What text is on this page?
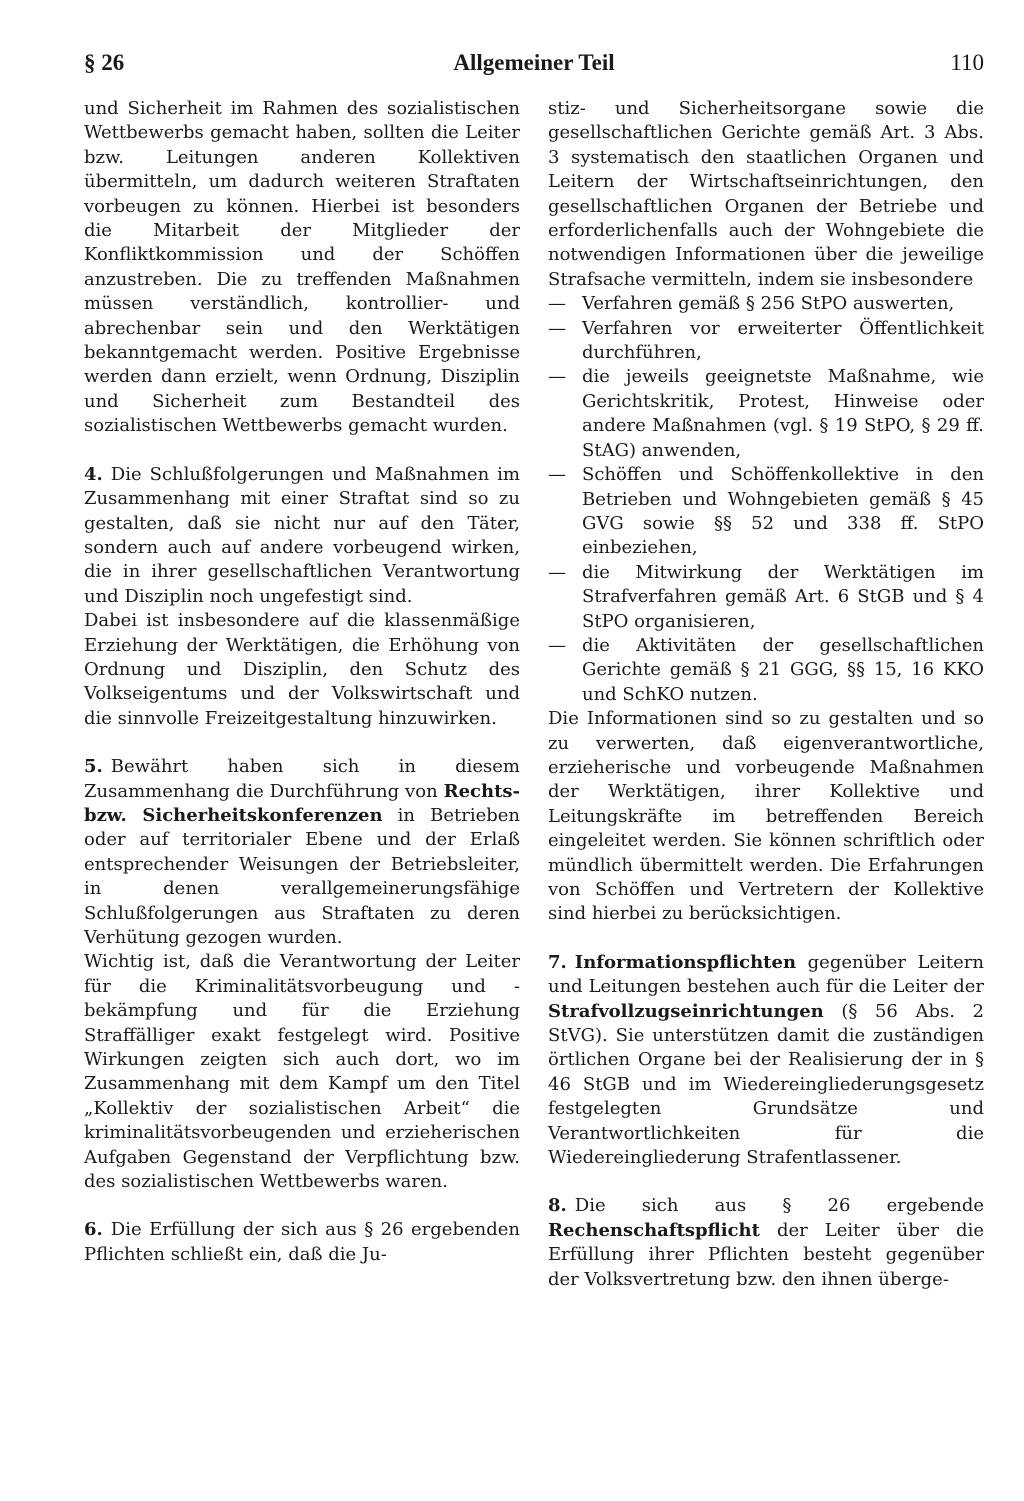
§ 26	Allgemeiner Teil	110

und Sicherheit im Rahmen des sozialistischen Wettbewerbs gemacht haben, sollten die Leiter bzw. Leitungen anderen Kollektiven übermitteln, um dadurch weiteren Straftaten vorbeugen zu können. Hierbei ist besonders die Mitarbeit der Mitglieder der Konfliktkommission und der Schöffen anzustreben. Die zu treffenden Maßnahmen müssen verständlich, kontrollier- und abrechenbar sein und den Werktätigen bekanntgemacht werden. Positive Ergebnisse werden dann erzielt, wenn Ordnung, Disziplin und Sicherheit zum Bestandteil des sozialistischen Wettbewerbs gemacht wurden.

4. Die Schlußfolgerungen und Maßnahmen im Zusammenhang mit einer Straftat sind so zu gestalten, daß sie nicht nur auf den Täter, sondern auch auf andere vorbeugend wirken, die in ihrer gesellschaftlichen Verantwortung und Disziplin noch ungefestigt sind.

Dabei ist insbesondere auf die klassenmäßige Erziehung der Werktätigen, die Erhöhung von Ordnung und Disziplin, den Schutz des Volkseigentums und der Volkswirtschaft und die sinnvolle Freizeitgestaltung hinzuwirken.

5. Bewährt haben sich in diesem Zusammenhang die Durchführung von Rechts- bzw. Sicherheitskonferenzen in Betrieben oder auf territorialer Ebene und der Erlaß entsprechender Weisungen der Betriebsleiter, in denen verallgemeinerungsfähige Schlußfolgerungen aus Straftaten zu deren Verhütung gezogen wurden.

Wichtig ist, daß die Verantwortung der Leiter für die Kriminalitätsvorbeugung und -bekämpfung und für die Erziehung Straffälliger exakt festgelegt wird. Positive Wirkungen zeigten sich auch dort, wo im Zusammenhang mit dem Kampf um den Titel „Kollektiv der sozialistischen Arbeit“ die kriminalitätsvorbeugenden und erzieherischen Aufgaben Gegenstand der Verpflichtung bzw. des sozialistischen Wettbewerbs waren.

6. Die Erfüllung der sich aus § 26 ergebenden Pflichten schließt ein, daß die Ju-

stiz- und Sicherheitsorgane sowie die gesellschaftlichen Gerichte gemäß Art. 3 Abs. 3 systematisch den staatlichen Organen und Leitern der Wirtschaftseinrichtungen, den gesellschaftlichen Organen der Betriebe und erforderlichenfalls auch der Wohngebiete die notwendigen Informationen über die jeweilige Strafsache vermitteln, indem sie insbesondere

— Verfahren gemäß § 256 StPO auswerten,
— Verfahren vor erweiterter Öffentlichkeit durchführen,
— die jeweils geeignetste Maßnahme, wie Gerichtskritik, Protest, Hinweise oder andere Maßnahmen (vgl. § 19 StPO, § 29 ff. StAG) anwenden,
— Schöffen und Schöffenkollektive in den Betrieben und Wohngebieten gemäß § 45 GVG sowie §§ 52 und 338 ff. StPO einbeziehen,
— die Mitwirkung der Werktätigen im Strafverfahren gemäß Art. 6 StGB und § 4 StPO organisieren,
— die Aktivitäten der gesellschaftlichen Gerichte gemäß § 21 GGG, §§ 15, 16 KKO und SchKO nutzen.

Die Informationen sind so zu gestalten und so zu verwerten, daß eigenverantwortliche, erzieherische und vorbeugende Maßnahmen der Werktätigen, ihrer Kollektive und Leitungskräfte im betreffenden Bereich eingeleitet werden. Sie können schriftlich oder mündlich übermittelt werden. Die Erfahrungen von Schöffen und Vertretern der Kollektive sind hierbei zu berücksichtigen.

7. Informationspflichten gegenüber Leitern und Leitungen bestehen auch für die Leiter der Strafvollzugseinrichtungen (§ 56 Abs. 2 StVG). Sie unterstützen damit die zuständigen örtlichen Organe bei der Realisierung der in § 46 StGB und im Wiedereingliederungsgesetz festgelegten Grundsätze und Verantwortlichkeiten für die Wiedereingliederung Strafentlassener.

8. Die sich aus § 26 ergebende Rechenschaftspflicht der Leiter über die Erfüllung ihrer Pflichten besteht gegenüber der Volksvertretung bzw. den ihnen überge-
